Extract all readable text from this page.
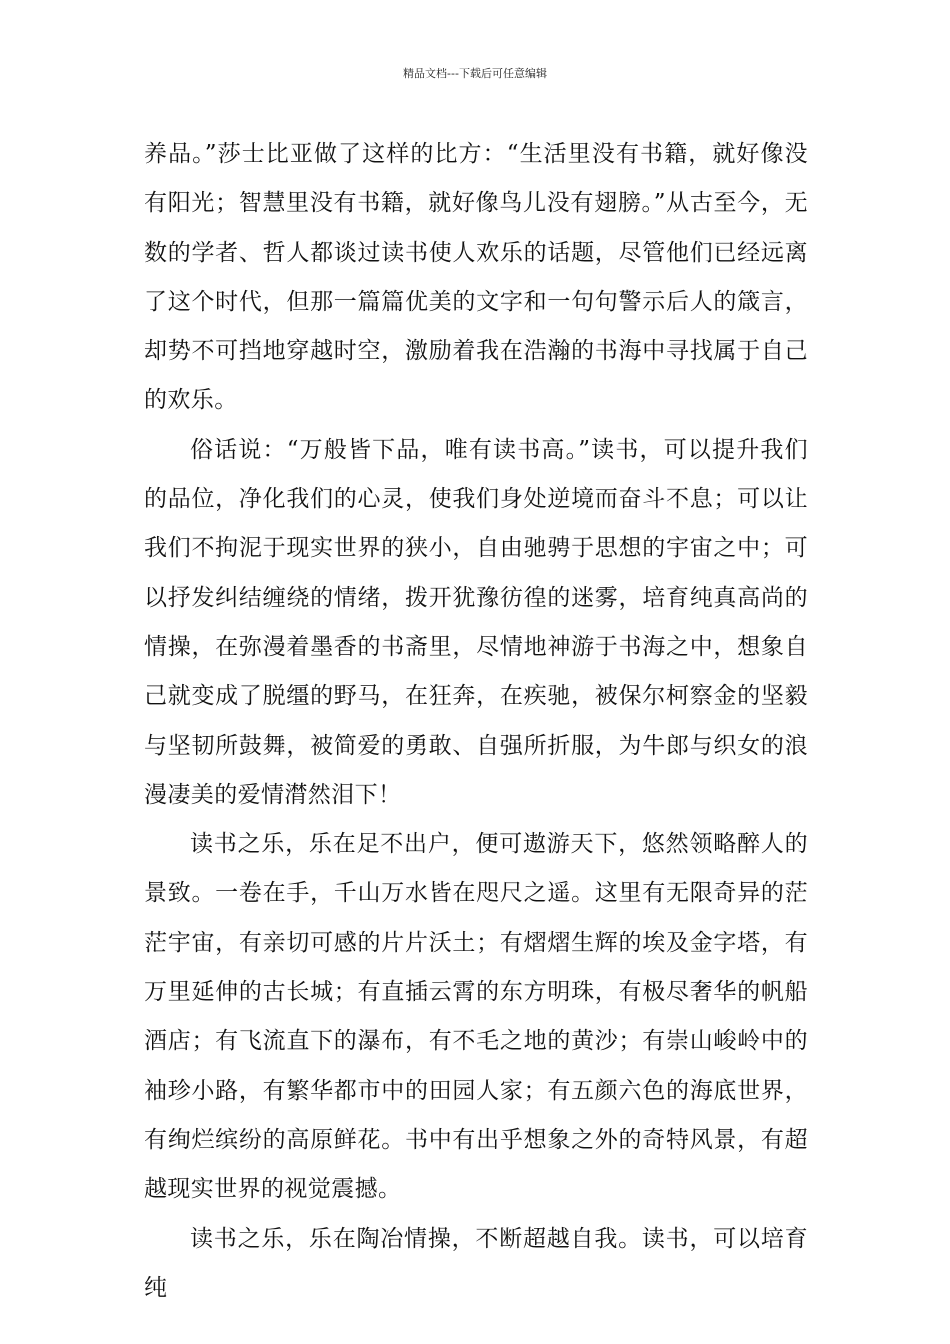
精品文档---下载后可任意编辑

养品。”莎士比亚做了这样的比方：“生活里没有书籍，就好像没有阳光；智慧里没有书籍，就好像鸟儿没有翅膀。”从古至今，无数的学者、哲人都谈过读书使人欢乐的话题，尽管他们已经远离了这个时代，但那一篇篇优美的文字和一句句警示后人的箴言，却势不可挡地穿越时空，激励着我在浩瀚的书海中寻找属于自己的欢乐。

俗话说：“万般皆下品，唯有读书高。”读书，可以提升我们的品位，净化我们的心灵，使我们身处逆境而奋斗不息；可以让我们不拘泥于现实世界的狭小，自由驰骋于思想的宇宙之中；可以抒发纠结缠绕的情绪，拨开犹豫彷徨的迷雾，培育纯真高尚的情操，在弥漫着墨香的书斋里，尽情地神游于书海之中，想象自己就变成了脱缰的野马，在狂奔，在疾驰，被保尔柯察金的坚毅与坚韧所鼓舞，被简爱的勇敢、自强所折服，为牛郎与织女的浪漫凄美的爱情潸然泪下！

读书之乐，乐在足不出户，便可遨游天下，悠然领略醉人的景致。一卷在手，千山万水皆在咫尺之遥。这里有无限奇异的茫茫宇宙，有亲切可感的片片沃土；有熠熠生辉的埃及金字塔，有万里延伸的古长城；有直插云霄的东方明珠，有极尽奢华的帆船酒店；有飞流直下的瀑布，有不毛之地的黄沙；有崇山峻岭中的袖珍小路，有繁华都市中的田园人家；有五颜六色的海底世界，有绚烂缤纷的高原鲜花。书中有出乎想象之外的奇特风景，有超越现实世界的视觉震撼。

读书之乐，乐在陶冶情操，不断超越自我。读书，可以培育纯
